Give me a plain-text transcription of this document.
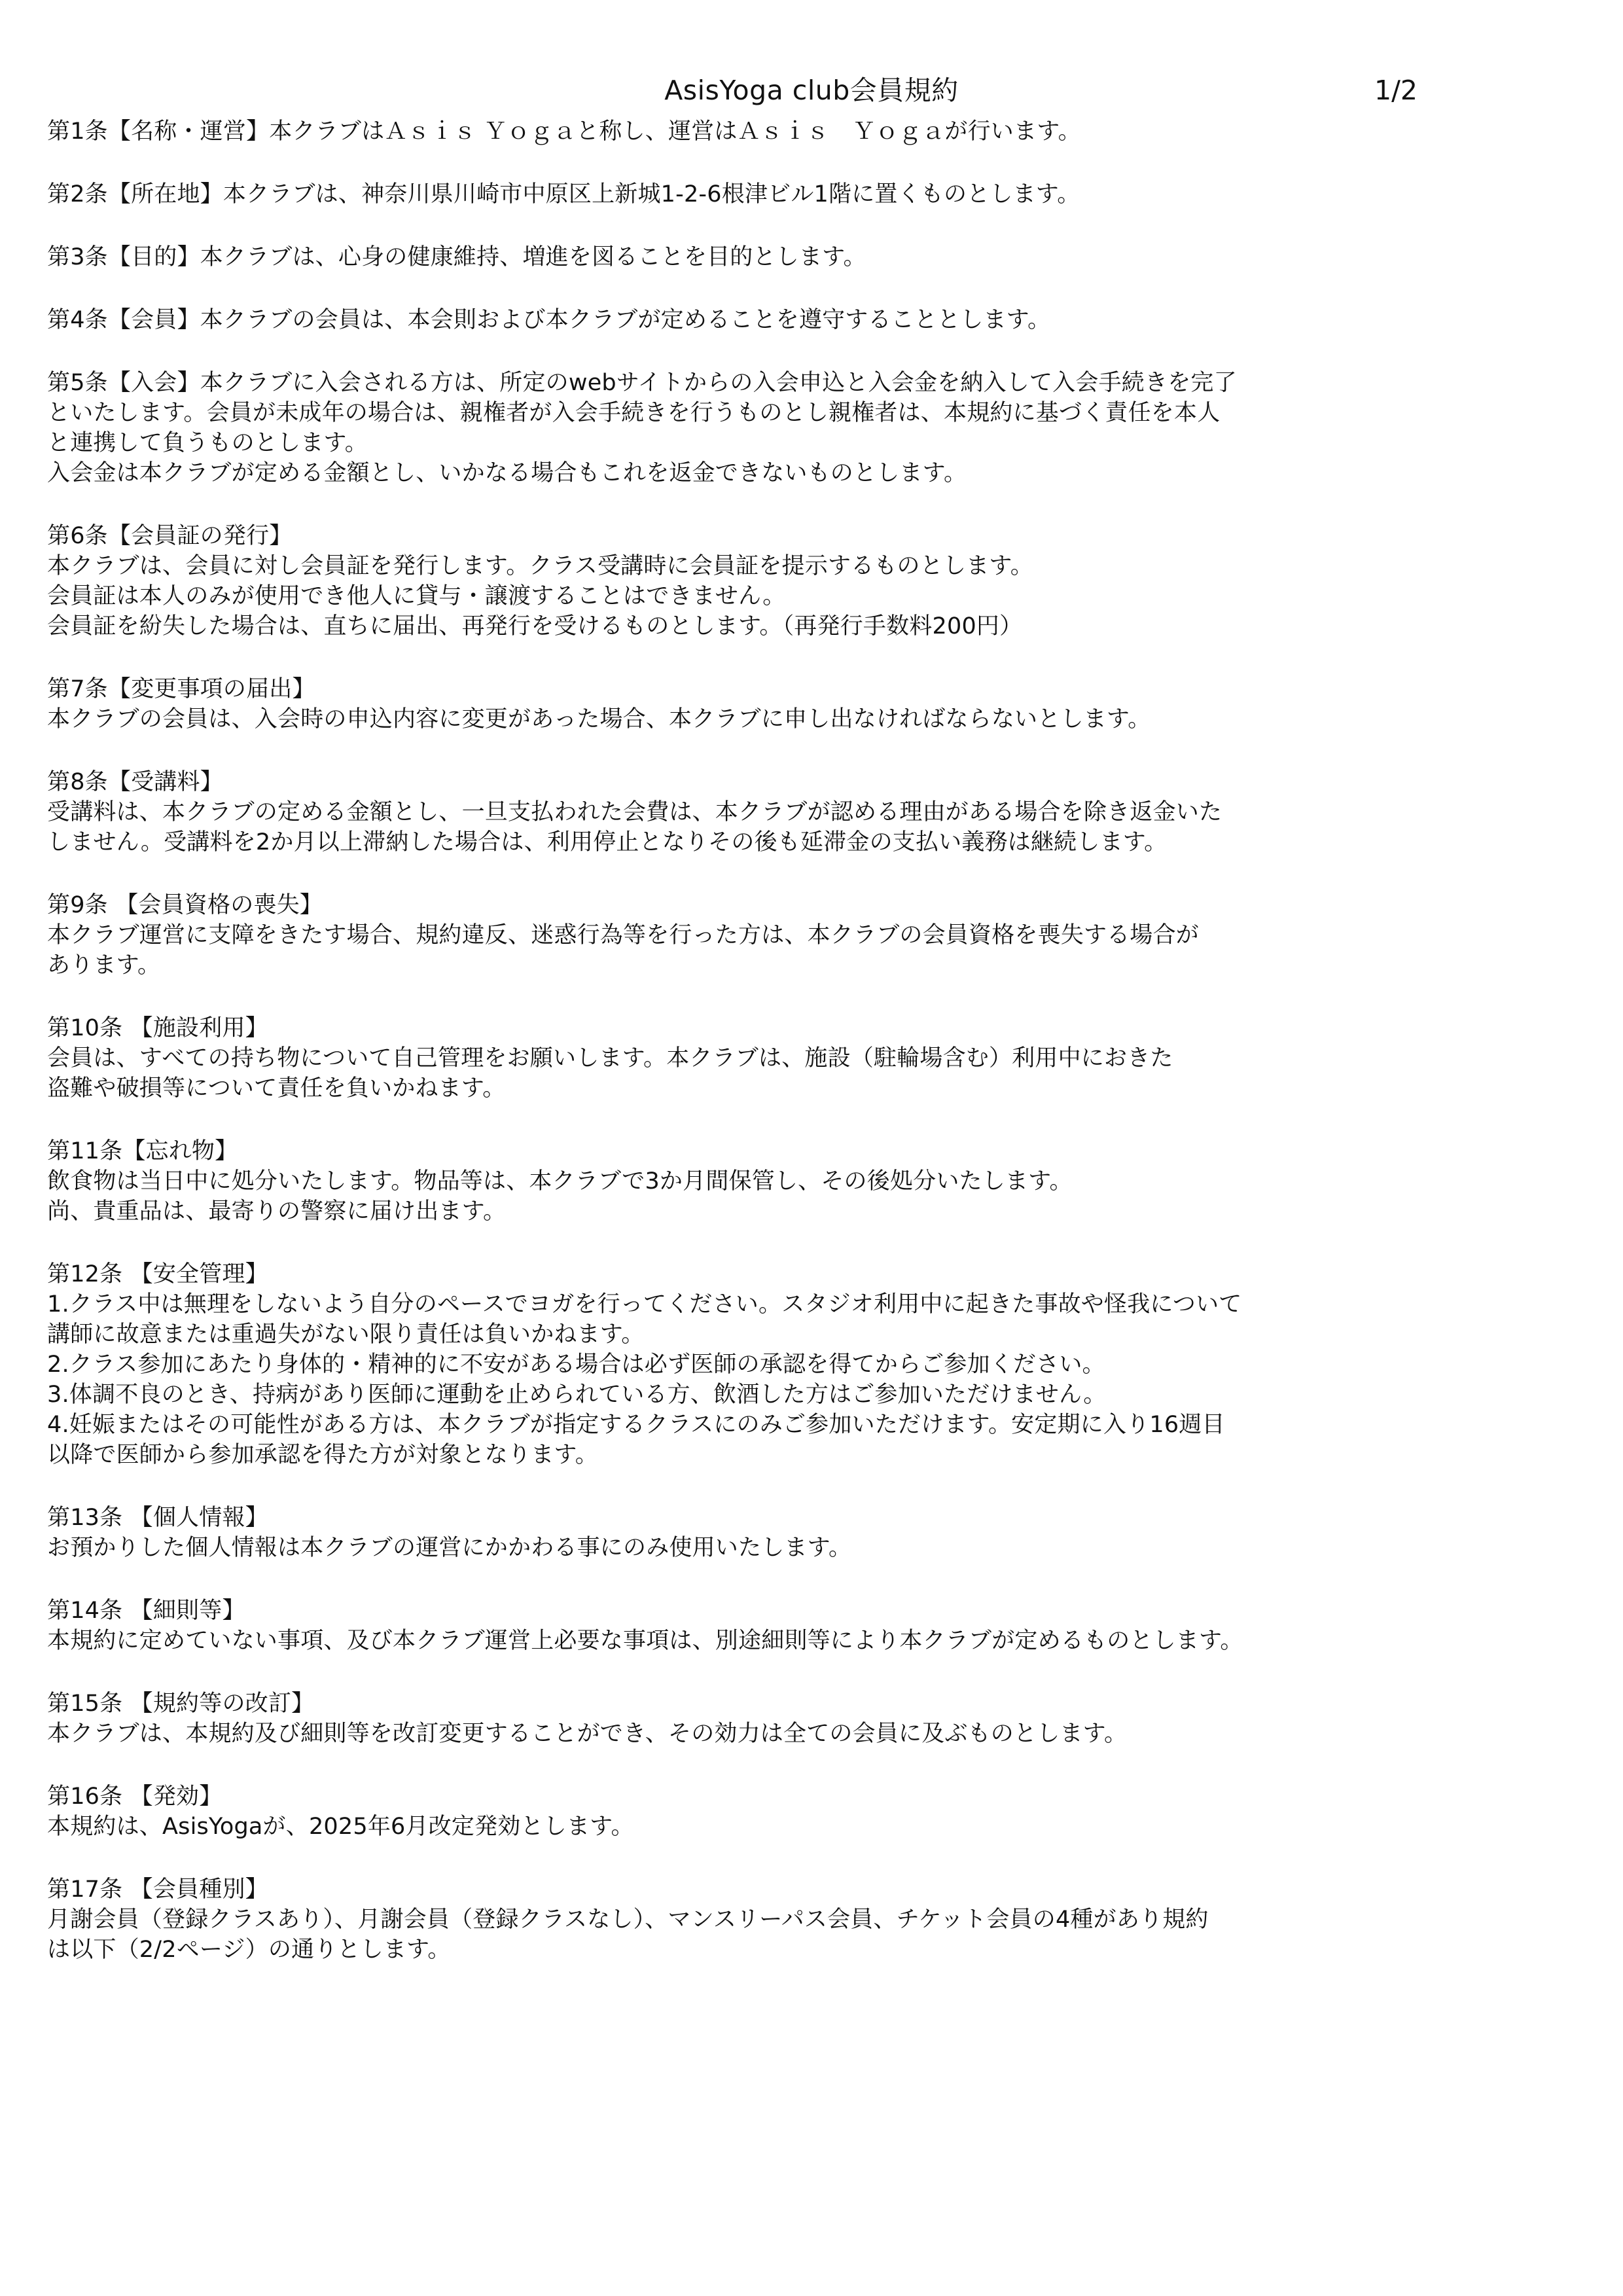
AsisYoga club会員規約	1/2
第1条【名称・運営】本クラブはＡｓｉｓ Ｙｏｇａと称し、運営はＡｓｉｓ　Ｙｏｇａが行います。
第2条【所在地】本クラブは、神奈川県川崎市中原区上新城1-2-6根津ビル1階に置くものとします。
第3条【目的】本クラブは、心身の健康維持、増進を図ることを目的とします。
第4条【会員】本クラブの会員は、本会則および本クラブが定めることを遵守することとします。
第5条【入会】本クラブに入会される方は、所定のwebサイトからの入会申込と入会金を納入して入会手続きを完了
といたします。会員が未成年の場合は、親権者が入会手続きを行うものとし親権者は、本規約に基づく責任を本人
と連携して負うものとします。
入会金は本クラブが定める金額とし、いかなる場合もこれを返金できないものとします。
第6条【会員証の発行】
本クラブは、会員に対し会員証を発行します。クラス受講時に会員証を提示するものとします。
会員証は本人のみが使用でき他人に貸与・譲渡することはできません。
会員証を紛失した場合は、直ちに届出、再発行を受けるものとします。（再発行手数料200円）
第7条【変更事項の届出】
本クラブの会員は、入会時の申込内容に変更があった場合、本クラブに申し出なければならないとします。
第8条【受講料】
受講料は、本クラブの定める金額とし、一旦支払われた会費は、本クラブが認める理由がある場合を除き返金いた
しません。受講料を2か月以上滞納した場合は、利用停止となりその後も延滞金の支払い義務は継続します。
第9条 【会員資格の喪失】
本クラブ運営に支障をきたす場合、規約違反、迷惑行為等を行った方は、本クラブの会員資格を喪失する場合が
あります。
第10条 【施設利用】
会員は、すべての持ち物について自己管理をお願いします。本クラブは、施設（駐輪場含む）利用中におきた
盗難や破損等について責任を負いかねます。
第11条【忘れ物】
飲食物は当日中に処分いたします。物品等は、本クラブで3か月間保管し、その後処分いたします。
尚、貴重品は、最寄りの警察に届け出ます。
第12条 【安全管理】
1.クラス中は無理をしないよう自分のペースでヨガを行ってください。スタジオ利用中に起きた事故や怪我について
講師に故意または重過失がない限り責任は負いかねます。
2.クラス参加にあたり身体的・精神的に不安がある場合は必ず医師の承認を得てからご参加ください。
3.体調不良のとき、持病があり医師に運動を止められている方、飲酒した方はご参加いただけません。
4.妊娠またはその可能性がある方は、本クラブが指定するクラスにのみご参加いただけます。安定期に入り16週目
以降で医師から参加承認を得た方が対象となります。
第13条 【個人情報】
お預かりした個人情報は本クラブの運営にかかわる事にのみ使用いたします。
第14条 【細則等】
本規約に定めていない事項、及び本クラブ運営上必要な事項は、別途細則等により本クラブが定めるものとします。
第15条 【規約等の改訂】
本クラブは、本規約及び細則等を改訂変更することができ、その効力は全ての会員に及ぶものとします。
第16条 【発効】
本規約は、AsisYogaが、2025年6月改定発効とします。
第17条 【会員種別】
月謝会員（登録クラスあり）、月謝会員（登録クラスなし）、マンスリーパス会員、チケット会員の4種があり規約
は以下（2/2ページ）の通りとします。
